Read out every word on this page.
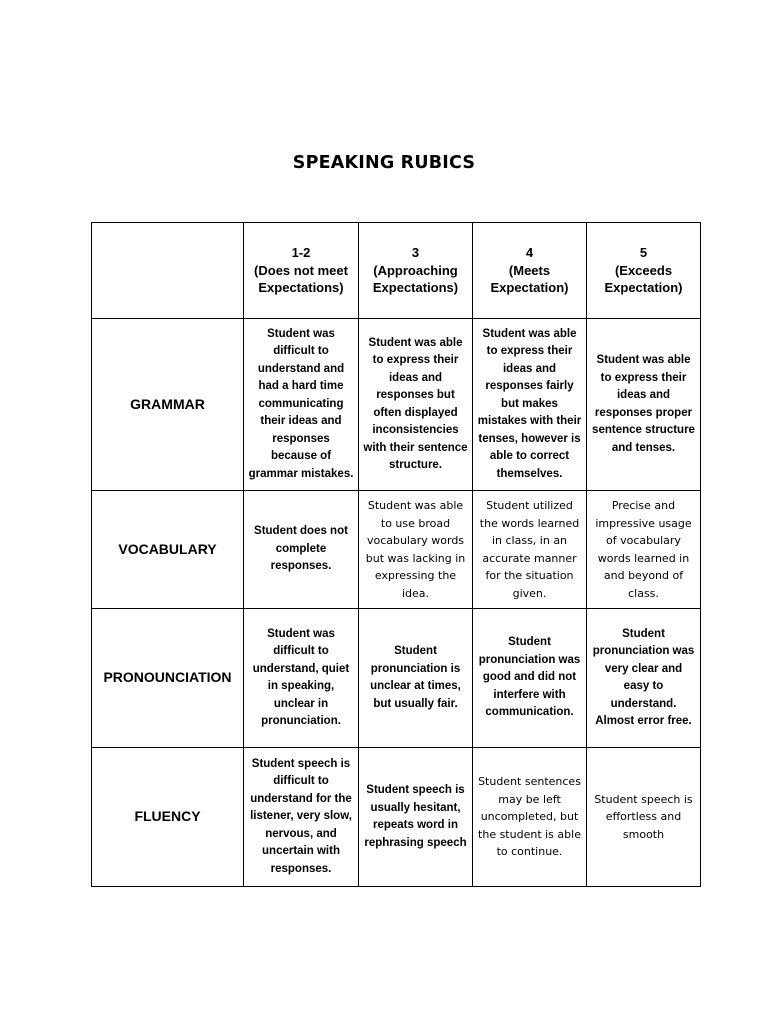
SPEAKING RUBICS
	1-2
(Does not meet
Expectations)	3
(Approaching
Expectations)	4
(Meets
Expectation)	5
(Exceeds
Expectation)
GRAMMAR	Student was difficult to understand and had a hard time communicating their ideas and responses because of grammar mistakes.	Student was able to express their ideas and responses but often displayed inconsistencies with their sentence structure.	Student was able to express their ideas and responses fairly but makes mistakes with their tenses, however is able to correct themselves.	Student was able to express their ideas and responses proper sentence structure and tenses.
VOCABULARY	Student does not complete responses.	Student was able to use broad vocabulary words but was lacking in expressing the idea.	Student utilized the words learned in class, in an accurate manner for the situation given.	Precise and impressive usage of vocabulary words learned in and beyond of class.
PRONOUNCIATION	Student was difficult to understand, quiet in speaking, unclear in pronunciation.	Student pronunciation is unclear at times, but usually fair.	Student pronunciation was good and did not interfere with communication.	Student pronunciation was very clear and easy to understand. Almost error free.
FLUENCY	Student speech is difficult to understand for the listener, very slow, nervous, and uncertain with responses.	Student speech is usually hesitant, repeats word in rephrasing speech	Student sentences may be left uncompleted, but the student is able to continue.	Student speech is effortless and smooth
